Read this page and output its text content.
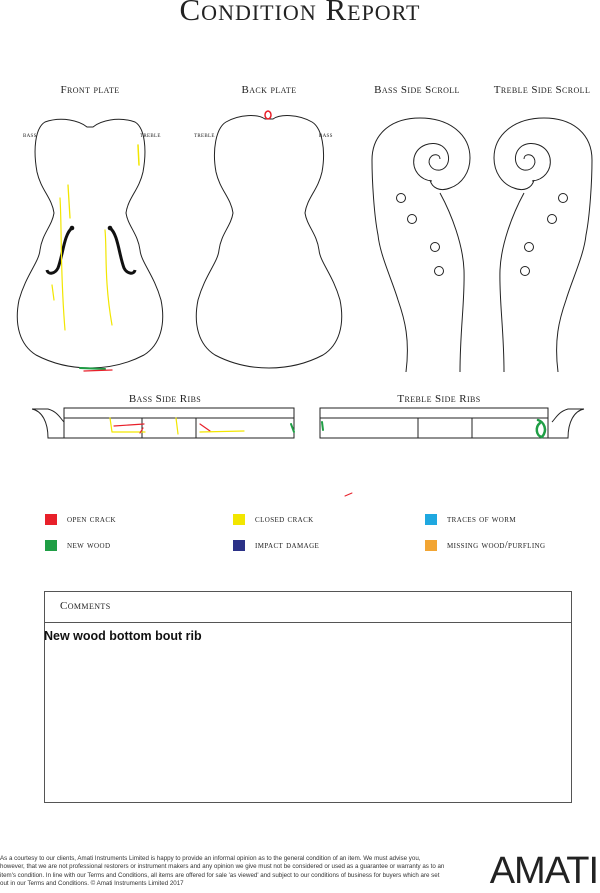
Condition Report
Front plate	Back plate	Bass Side Scroll	Treble Side Scroll
Bass Side Ribs	Treble Side Ribs
bass	treble	treble	bass
open crack	closed crack	traces of worm
new wood	impact damage	missing wood/purfling
Comments
New wood bottom bout rib
As a courtesy to our clients, Amati Instruments Limited is happy to provide an informal opinion as to the general condition of an item. We must advise you, however, that we are not professional restorers or instrument makers and any opinion we give must not be considered or used as a guarantee or warranty as to an item's condition. In line with our Terms and Conditions, all items are offered for sale 'as viewed' and subject to our conditions of business for buyers which are set out in our Terms and Conditions. © Amati Instruments Limited 2017	AMATI
